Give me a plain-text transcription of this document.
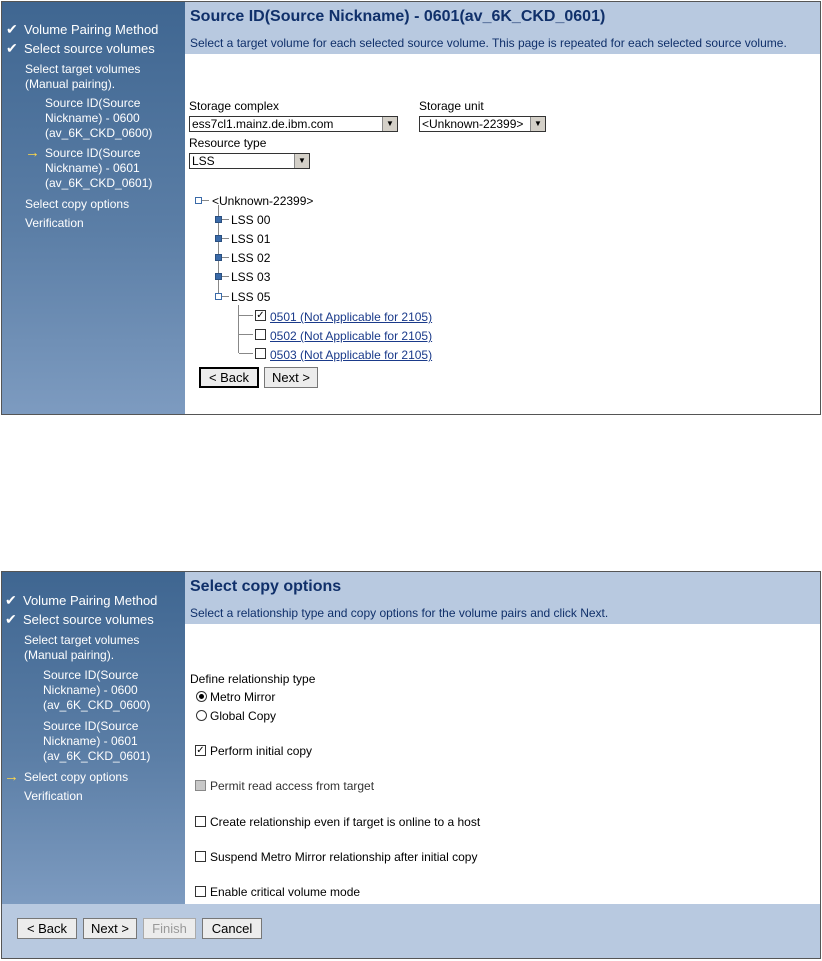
✔ Volume Pairing Method
✔ Select source volumes
Select target volumes
(Manual pairing).
Source ID(Source
Nickname) - 0600
(av_6K_CKD_0600)
→ Source ID(Source
Nickname) - 0601
(av_6K_CKD_0601)
Select copy options
Verification
Source ID(Source Nickname) - 0601(av_6K_CKD_0601)
Select a target volume for each selected source volume. This page is repeated for each selected source volume.
Storage complex
ess7cl1.mainz.de.ibm.com	▼
Storage unit
<Unknown-22399>	▼
Resource type
LSS	▼
<Unknown-22399>
LSS 00
LSS 01
LSS 02
LSS 03
LSS 05
✓ 0501 (Not Applicable for 2105)
0502 (Not Applicable for 2105)
0503 (Not Applicable for 2105)
< Back	Next >
✔ Volume Pairing Method
✔ Select source volumes
Select target volumes
(Manual pairing).
Source ID(Source
Nickname) - 0600
(av_6K_CKD_0600)
Source ID(Source
Nickname) - 0601
(av_6K_CKD_0601)
→ Select copy options
Verification
Select copy options
Select a relationship type and copy options for the volume pairs and click Next.
Define relationship type
Metro Mirror
Global Copy
✓ Perform initial copy
Permit read access from target
Create relationship even if target is online to a host
Suspend Metro Mirror relationship after initial copy
Enable critical volume mode
< Back	Next >	Finish	Cancel
